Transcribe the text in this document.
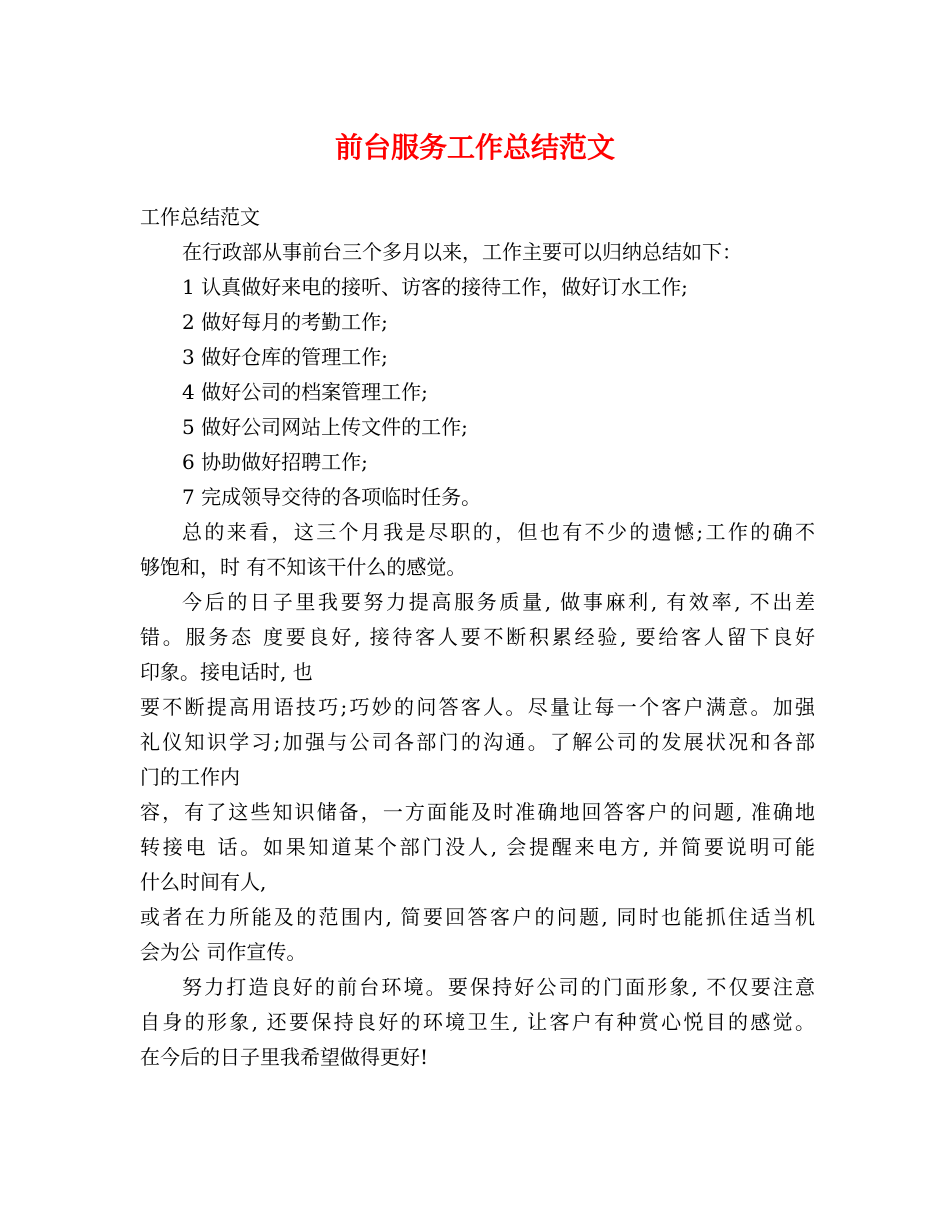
前台服务工作总结范文
工作总结范文
在行政部从事前台三个多月以来，工作主要可以归纳总结如下：
1 认真做好来电的接听、访客的接待工作，做好订水工作;
2 做好每月的考勤工作;
3 做好仓库的管理工作;
4 做好公司的档案管理工作;
5 做好公司网站上传文件的工作;
6 协助做好招聘工作;
7 完成领导交待的各项临时任务。
总的来看，这三个月我是尽职的，但也有不少的遗憾;工作的确不
够饱和，时 有不知该干什么的感觉。
今后的日子里我要努力提高服务质量, 做事麻利, 有效率, 不出差
错。服务态 度要良好, 接待客人要不断积累经验, 要给客人留下良好
印象。接电话时, 也
要不断提高用语技巧;巧妙的问答客人。尽量让每一个客户满意。加强
礼仪知识学习;加强与公司各部门的沟通。了解公司的发展状况和各部
门的工作内
容，有了这些知识储备，一方面能及时准确地回答客户的问题, 准确地
转接电 话。如果知道某个部门没人, 会提醒来电方, 并简要说明可能
什么时间有人,
或者在力所能及的范围内, 简要回答客户的问题, 同时也能抓住适当机
会为公 司作宣传。
努力打造良好的前台环境。要保持好公司的门面形象, 不仅要注意
自身的形象, 还要保持良好的环境卫生, 让客户有种赏心悦目的感觉。
在今后的日子里我希望做得更好!
